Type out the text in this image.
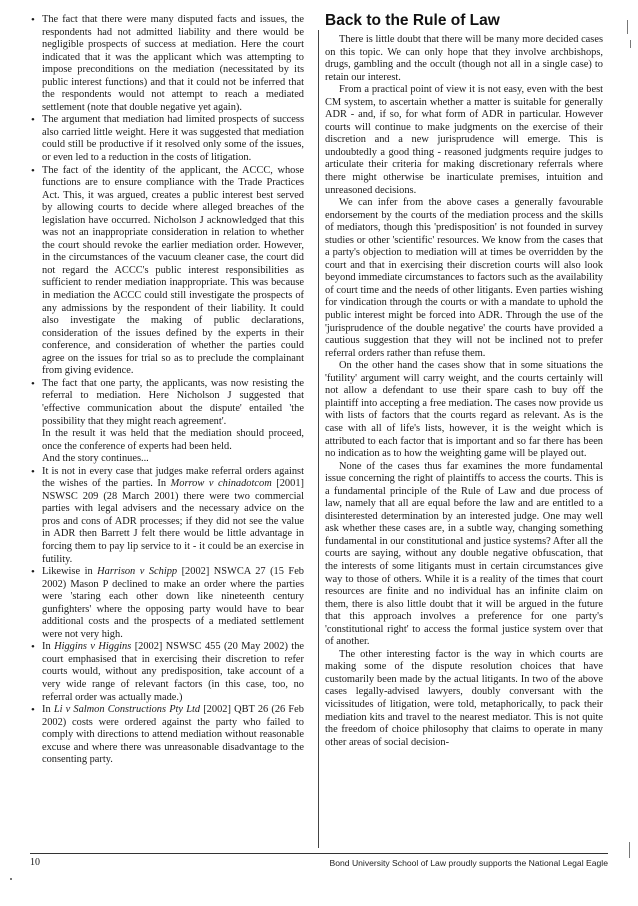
• The fact that there were many disputed facts and issues, the respondents had not admitted liability and there would be negligible prospects of success at mediation. Here the court indicated that it was the applicant which was attempting to impose preconditions on the mediation (necessitated by its public interest functions) and that it could not be inferred that the respondents would not attempt to reach a mediated settlement (note that double negative yet again).
• The argument that mediation had limited prospects of success also carried little weight. Here it was suggested that mediation could still be productive if it resolved only some of the issues, or even led to a reduction in the costs of litigation.
• The fact of the identity of the applicant, the ACCC, whose functions are to ensure compliance with the Trade Practices Act. This, it was argued, creates a public interest best served by allowing courts to decide where alleged breaches of the legislation have occurred. Nicholson J acknowledged that this was not an inappropriate consideration in relation to whether the court should revoke the earlier mediation order. However, in the circumstances of the vacuum cleaner case, the court did not regard the ACCC's public interest responsibilities as sufficient to render mediation inappropriate. This was because in mediation the ACCC could still investigate the prospects of any admissions by the respondent of their liability. It could also investigate the making of public declarations, consideration of the issues defined by the experts in their conference, and consideration of whether the parties could agree on the issues for trial so as to preclude the complainant from giving evidence.
• The fact that one party, the applicants, was now resisting the referral to mediation. Here Nicholson J suggested that 'effective communication about the dispute' entailed 'the possibility that they might reach agreement'.

In the result it was held that the mediation should proceed, once the conference of experts had been held.

And the story continues...

• It is not in every case that judges make referral orders against the wishes of the parties. In Morrow v chinadotcom [2001] NSWSC 209 (28 March 2001) there were two commercial parties with legal advisers and the necessary advice on the pros and cons of ADR processes; if they did not see the value in ADR then Barrett J felt there would be little advantage in forcing them to pay lip service to it - it could be an exercise in futility.
• Likewise in Harrison v Schipp [2002] NSWCA 27 (15 Feb 2002) Mason P declined to make an order where the parties were 'staring each other down like nineteenth century gunfighters' where the opposing party would have to bear additional costs and the prospects of a mediated settlement were not very high.
• In Higgins v Higgins [2002] NSWSC 455 (20 May 2002) the court emphasised that in exercising their discretion to refer courts would, without any predisposition, take account of a very wide range of relevant factors (in this case, too, no referral order was actually made.)
• In Li v Salmon Constructions Pty Ltd [2002] QBT 26 (26 Feb 2002) costs were ordered against the party who failed to comply with directions to attend mediation without reasonable excuse and where there was unreasonable disadvantage to the consenting party.
Back to the Rule of Law

There is little doubt that there will be many more decided cases on this topic. We can only hope that they involve archbishops, drugs, gambling and the occult (though not all in a single case) to retain our interest.

From a practical point of view it is not easy, even with the best CM system, to ascertain whether a matter is suitable for generally ADR - and, if so, for what form of ADR in particular. However courts will continue to make judgments on the exercise of their discretion and a new jurisprudence will emerge. This is undoubtedly a good thing - reasoned judgments require judges to articulate their criteria for making discretionary referrals where there might otherwise be inarticulate premises, intuition and unreasoned decisions.

We can infer from the above cases a generally favourable endorsement by the courts of the mediation process and the skills of mediators, though this 'predisposition' is not founded in survey studies or other 'scientific' resources. We know from the cases that a party's objection to mediation will at times be overridden by the court and that in exercising their discretion courts will also look beyond immediate circumstances to factors such as the availability of court time and the needs of other litigants. Even parties wishing for vindication through the courts or with a mandate to uphold the public interest might be forced into ADR. Through the use of the 'jurisprudence of the double negative' the courts have provided a cautious suggestion that they will not be inclined not to prefer referral orders rather than refuse them.

On the other hand the cases show that in some situations the 'futility' argument will carry weight, and the courts certainly will not allow a defendant to use their spare cash to buy off the plaintiff into accepting a free mediation. The cases now provide us with lists of factors that the courts regard as relevant. As is the case with all of life's lists, however, it is the weight which is attributed to each factor that is important and so far there has been no indication as to how the weighting game will be played out.

None of the cases thus far examines the more fundamental issue concerning the right of plaintiffs to access the courts. This is a fundamental principle of the Rule of Law and due process of law, namely that all are equal before the law and are entitled to a disinterested determination by an interested judge. One may well ask whether these cases are, in a subtle way, changing something fundamental in our constitutional and justice systems? After all the courts are saying, without any double negative obfuscation, that the interests of some litigants must in certain circumstances give way to those of others. While it is a reality of the times that court resources are finite and no individual has an infinite claim on them, there is also little doubt that it will be argued in the future that this approach involves a preference for one party's 'constitutional right' to access the formal justice system over that of another.

The other interesting factor is the way in which courts are making some of the dispute resolution choices that have customarily been made by the actual litigants. In two of the above cases legally-advised lawyers, doubly conversant with the vicissitudes of litigation, were told, metaphorically, to pack their mediation kits and travel to the nearest mediator. This is not quite the freedom of choice philosophy that claims to operate in many other areas of social decision-

10	Bond University School of Law proudly supports the National Legal Eagle
